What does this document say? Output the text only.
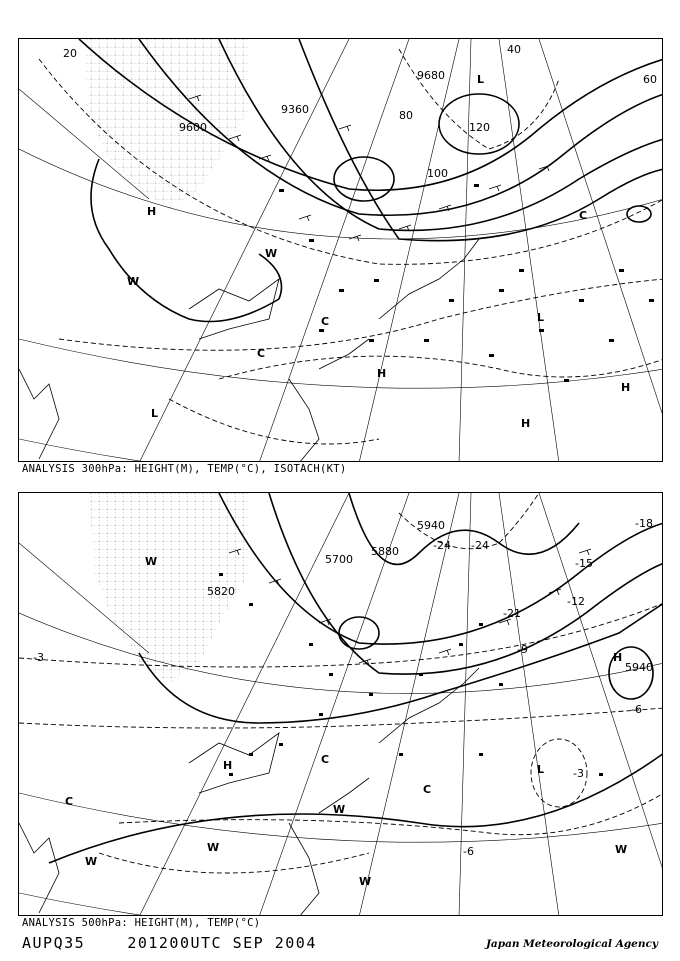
9360
9600
9680
20	40
60
80
100
120
L
L
L
H
H
H
H
C
C
C
W
W
ANALYSIS 300hPa: HEIGHT(M), TEMP(°C), ISOTACH(KT)
5700
5820
5880
5940
5940
-3
-6
-9
-12
-15
-18
-21
-24 -24
-6
-3
H
H	L
C
C
C
W
W
W
W
W
W
ANALYSIS 500hPa: HEIGHT(M), TEMP(°C)
AUPQ35	201200UTC SEP 2004	Japan Meteorological Agency
